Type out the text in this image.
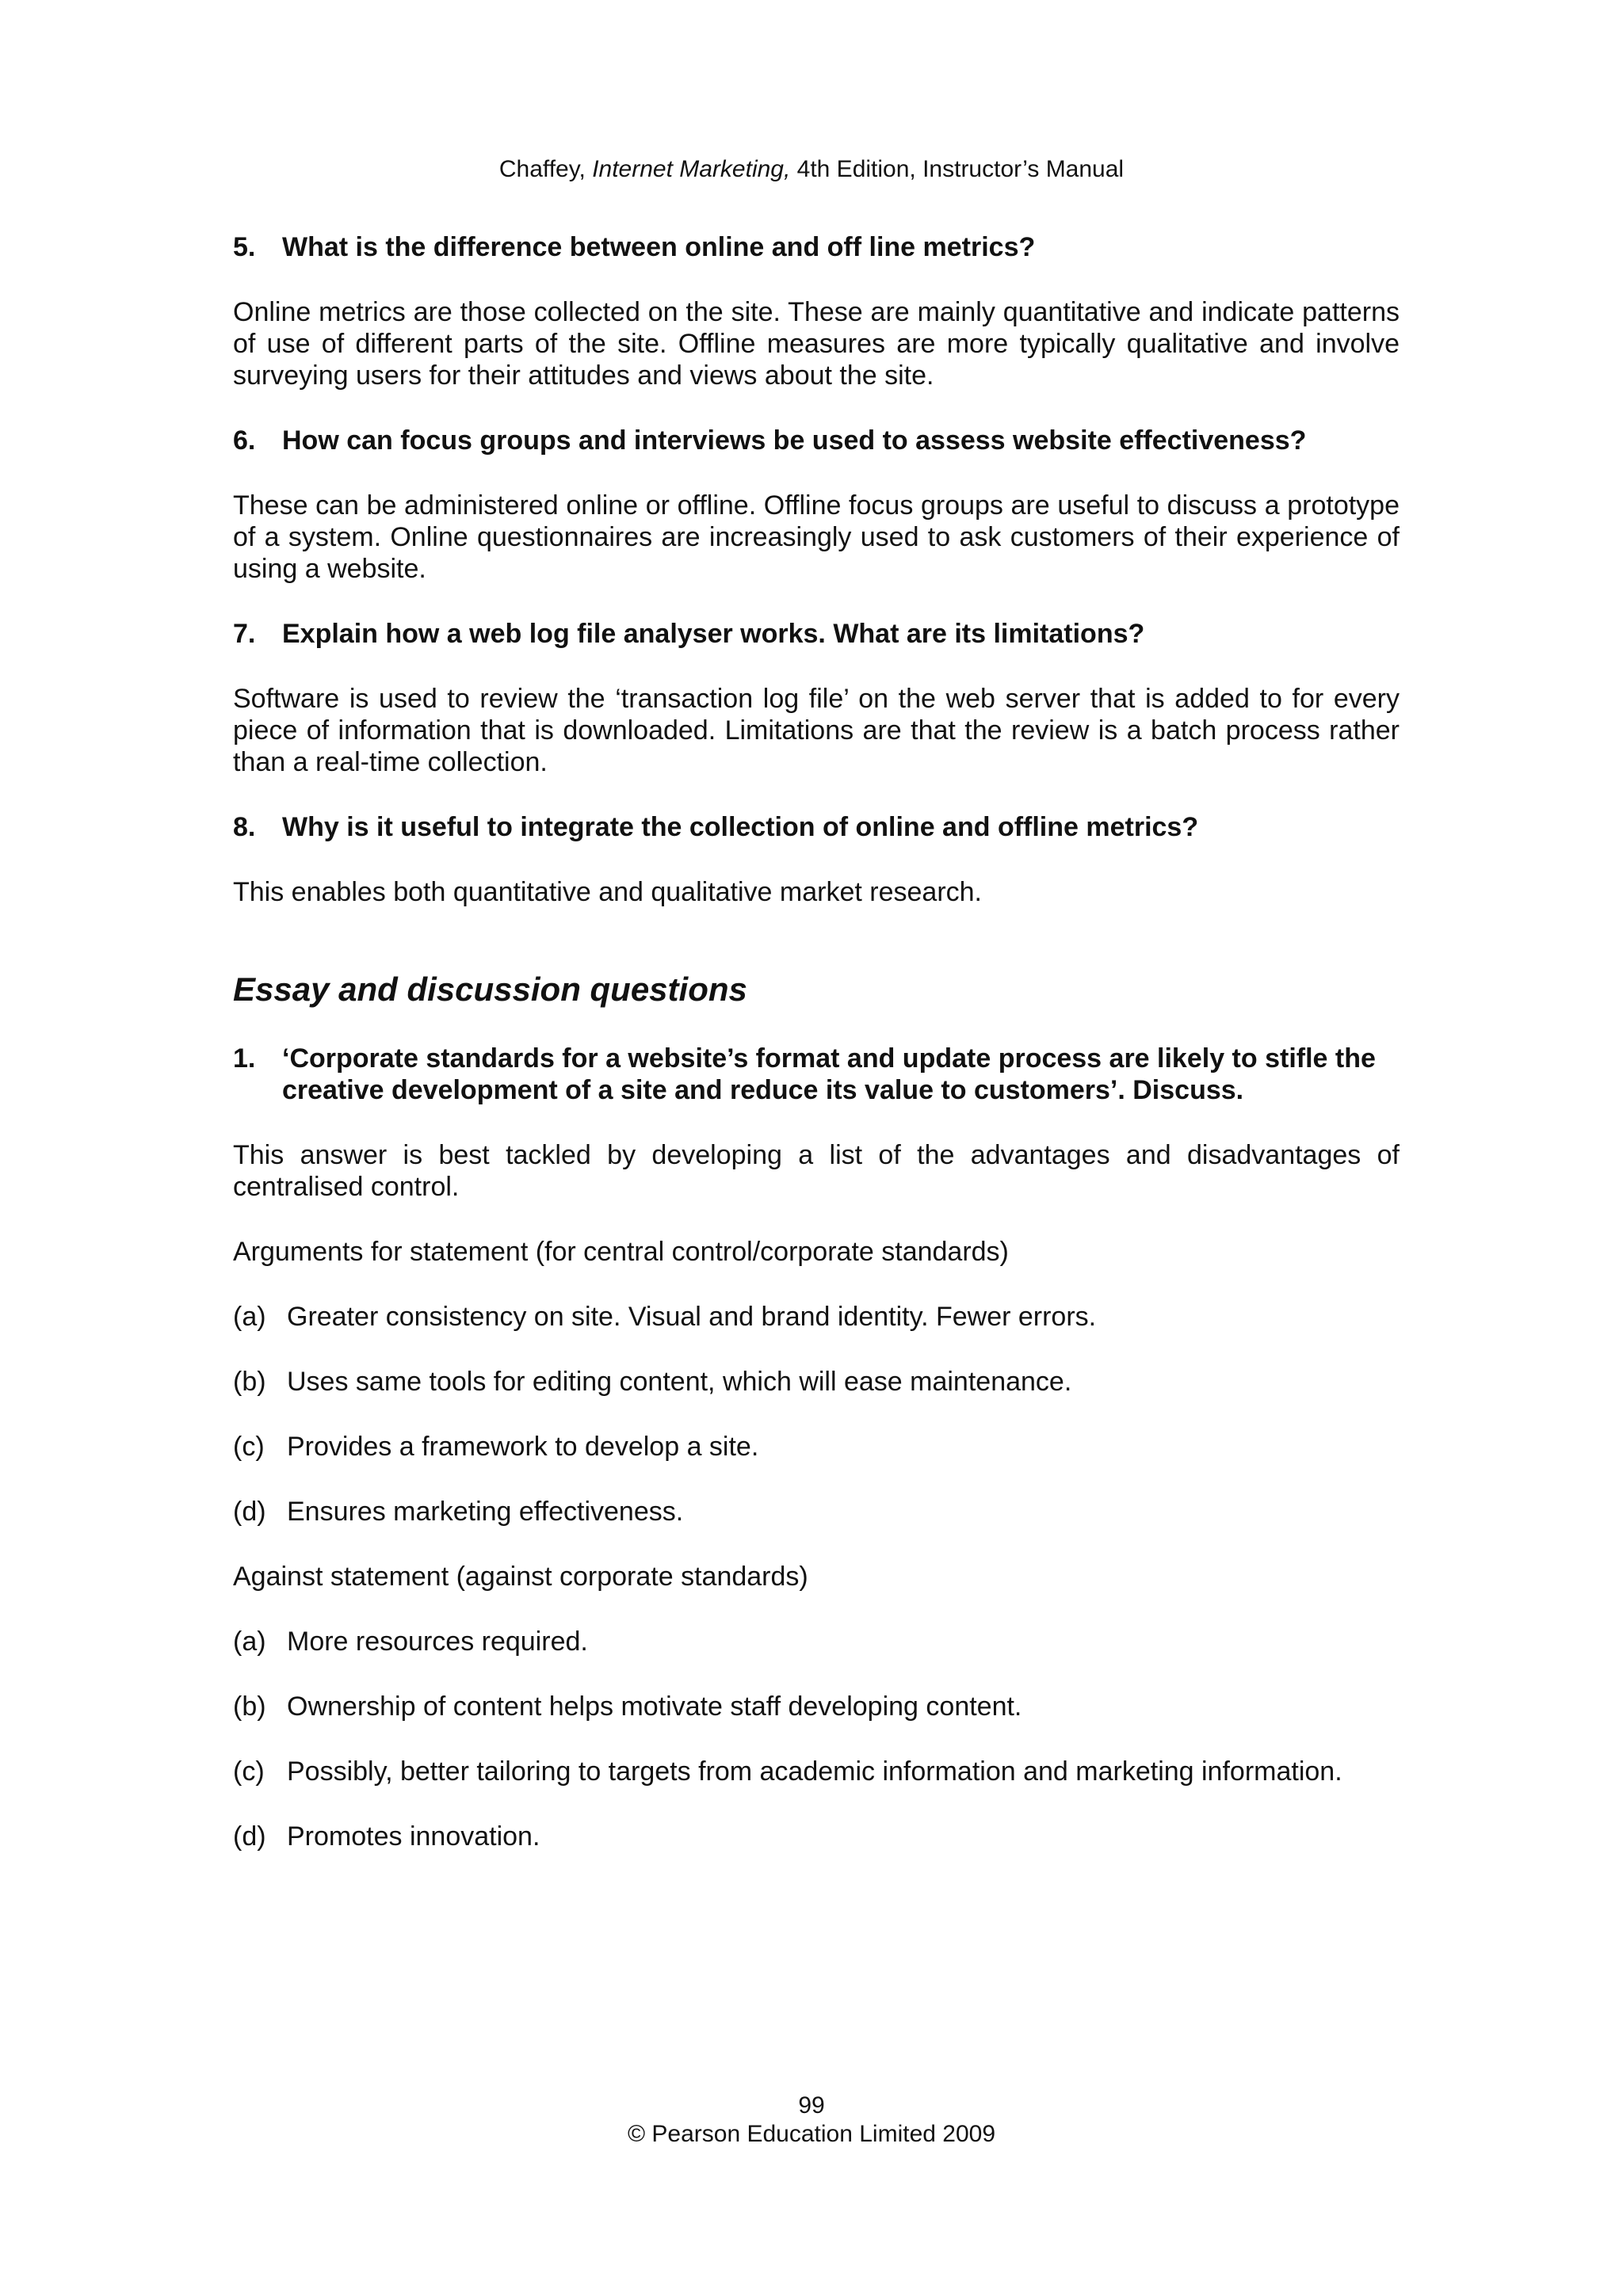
Chaffey, Internet Marketing, 4th Edition, Instructor’s Manual
5. What is the difference between online and off line metrics?

Online metrics are those collected on the site. These are mainly quantitative and indicate patterns of use of different parts of the site. Offline measures are more typically qualitative and involve surveying users for their attitudes and views about the site.

6. How can focus groups and interviews be used to assess website effectiveness?

These can be administered online or offline. Offline focus groups are useful to discuss a prototype of a system. Online questionnaires are increasingly used to ask customers of their experience of using a website.

7. Explain how a web log file analyser works. What are its limitations?

Software is used to review the ‘transaction log file’ on the web server that is added to for every piece of information that is downloaded. Limitations are that the review is a batch process rather than a real-time collection.

8. Why is it useful to integrate the collection of online and offline metrics?

This enables both quantitative and qualitative market research.

Essay and discussion questions
1. ‘Corporate standards for a website’s format and update process are likely to stifle the creative development of a site and reduce its value to customers’. Discuss.

This answer is best tackled by developing a list of the advantages and disadvantages of centralised control.

Arguments for statement (for central control/corporate standards)

(a) Greater consistency on site. Visual and brand identity. Fewer errors.
(b) Uses same tools for editing content, which will ease maintenance.
(c) Provides a framework to develop a site.
(d) Ensures marketing effectiveness.

Against statement (against corporate standards)

(a) More resources required.
(b) Ownership of content helps motivate staff developing content.
(c) Possibly, better tailoring to targets from academic information and marketing information.
(d) Promotes innovation.
99
© Pearson Education Limited 2009
